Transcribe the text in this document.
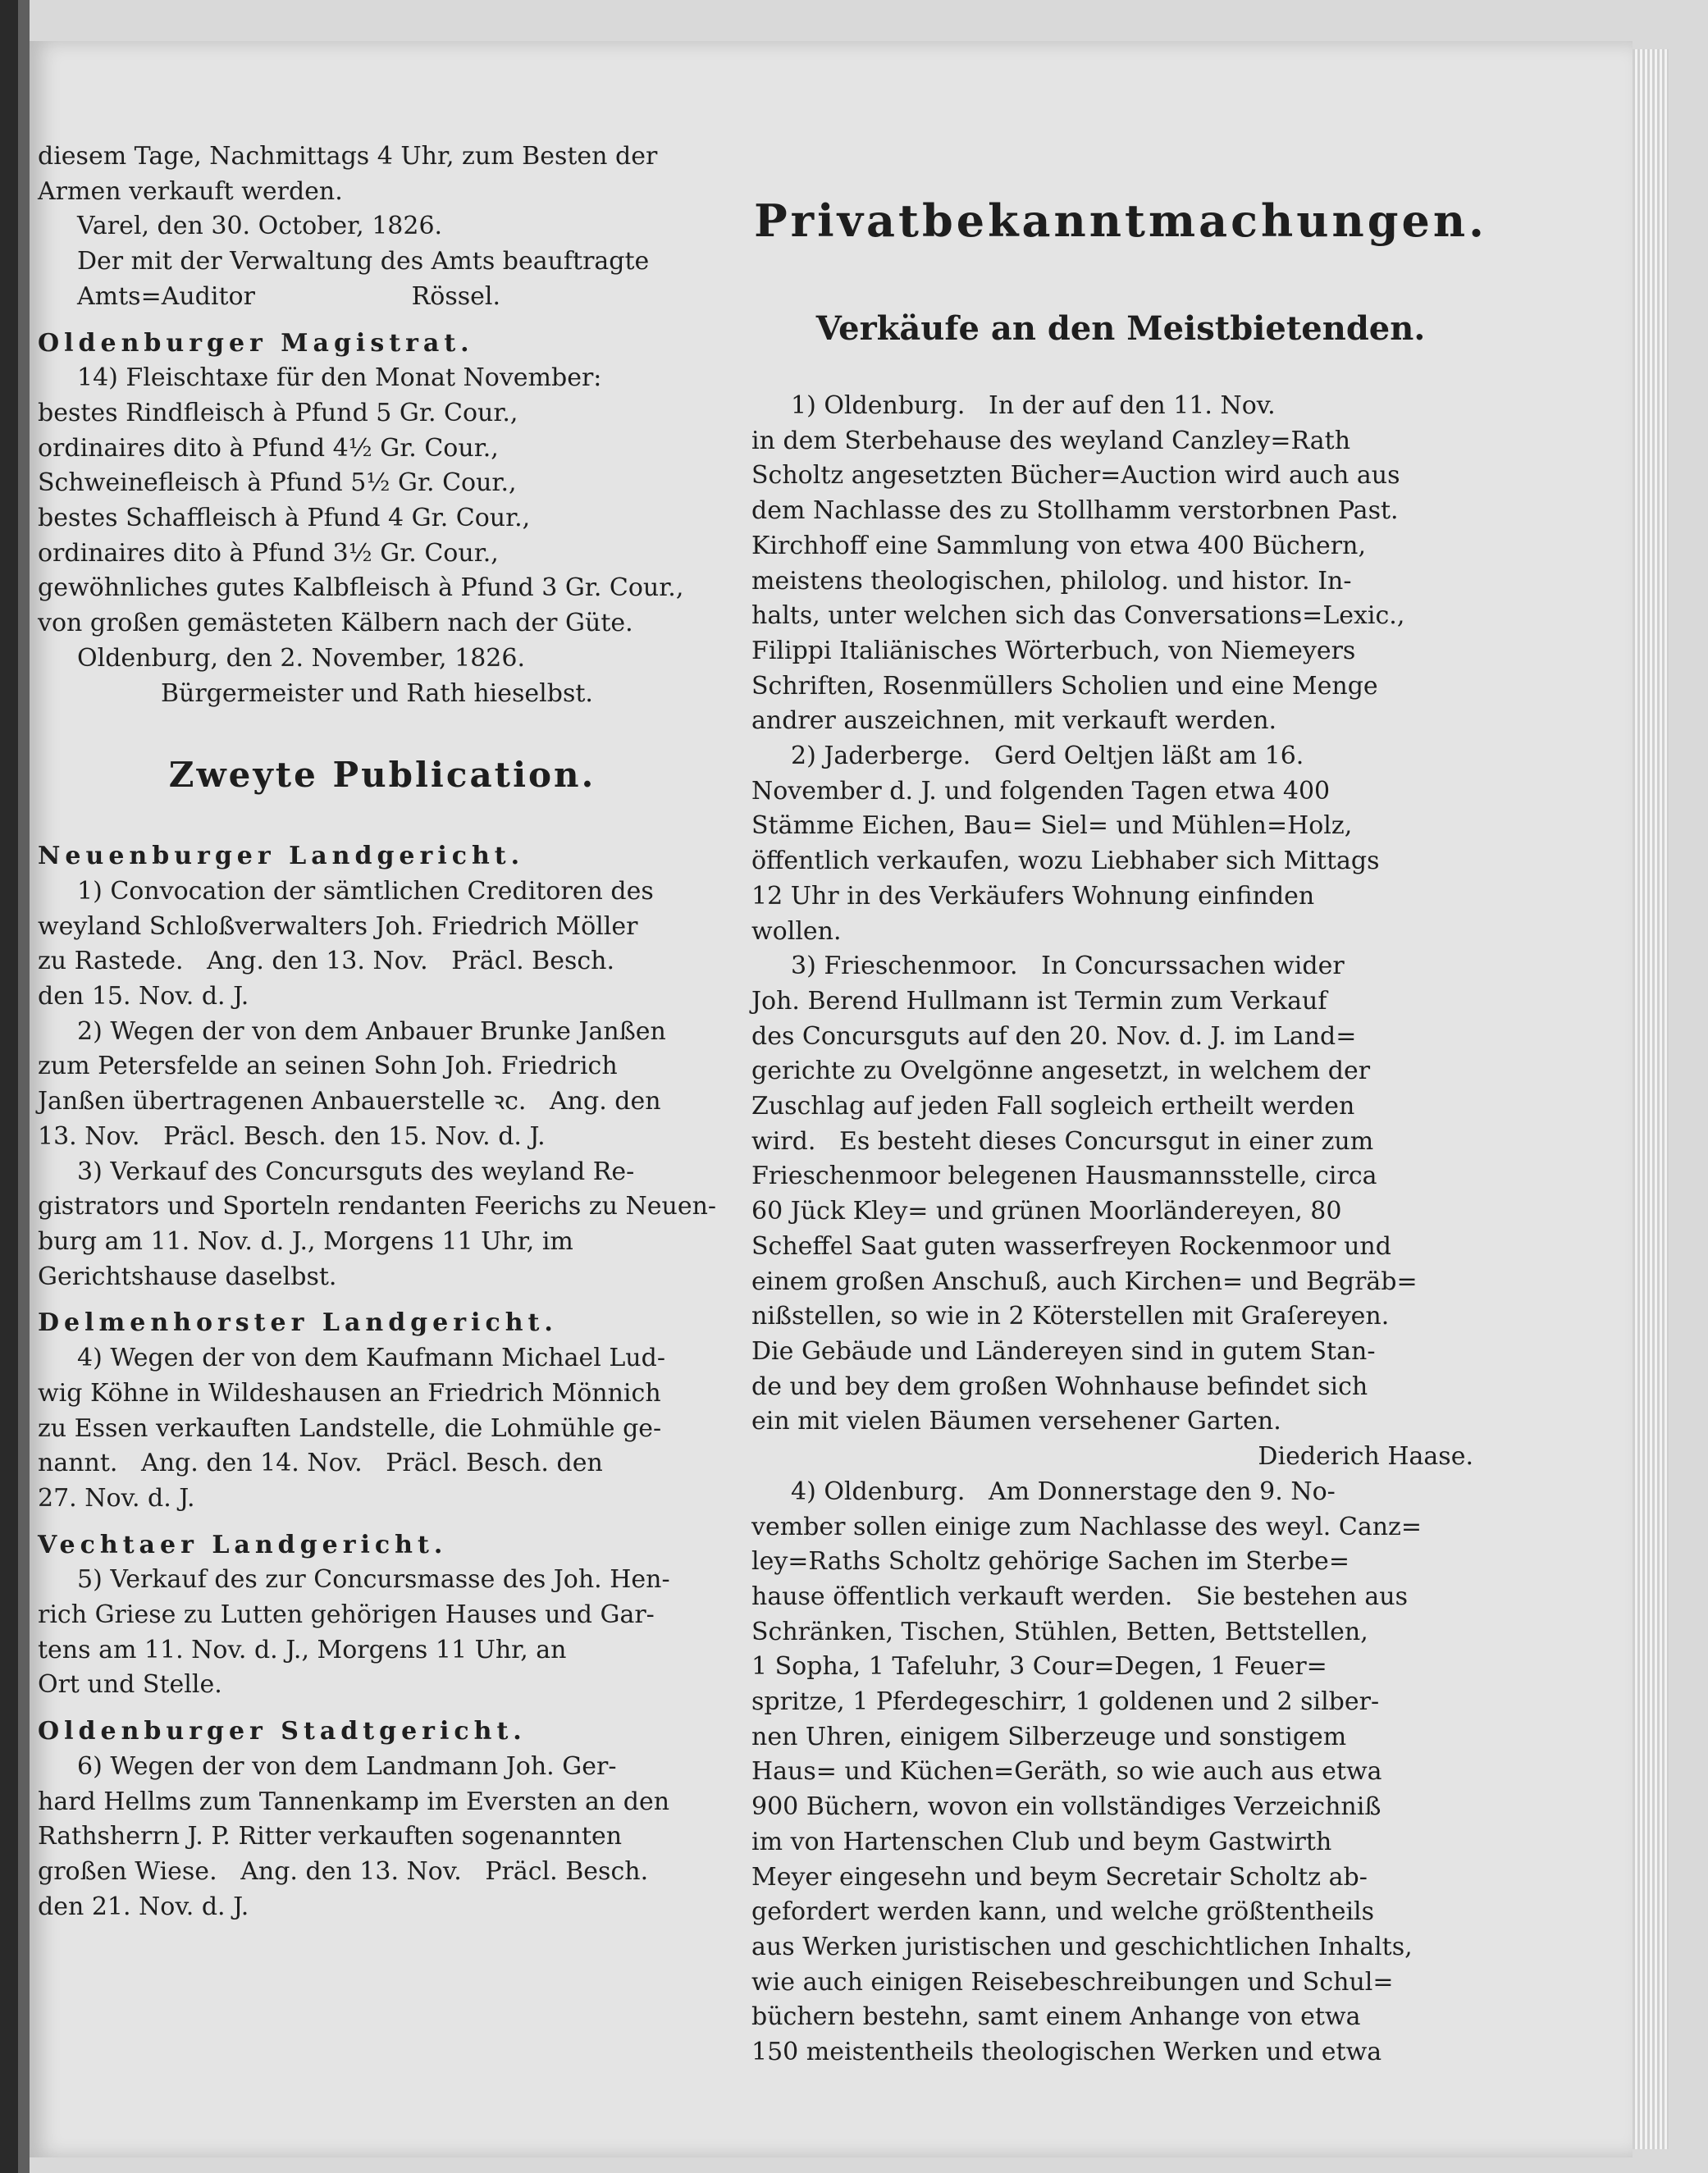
diesem Tage, Nachmittags 4 Uhr, zum Besten der

Armen verkauft werden.

Varel, den 30. October, 1826.

Der mit der Verwaltung des Amts beauftragte

Amts=Auditor                    Rössel.

Oldenburger Magistrat.

14) Fleischtaxe für den Monat November:

bestes Rindfleisch à Pfund 5 Gr. Cour.,

ordinaires dito à Pfund 4½ Gr. Cour.,

Schweinefleisch à Pfund 5½ Gr. Cour.,

bestes Schaffleisch à Pfund 4 Gr. Cour.,

ordinaires dito à Pfund 3½ Gr. Cour.,

gewöhnliches gutes Kalbfleisch à Pfund 3 Gr. Cour.,

von großen gemästeten Kälbern nach der Güte.

Oldenburg, den 2. November, 1826.

Bürgermeister und Rath hieselbst.

Zweyte Publication.

Neuenburger Landgericht.

1) Convocation der sämtlichen Creditoren des

weyland Schloßverwalters Joh. Friedrich Möller

zu Rastede.   Ang. den 13. Nov.   Präcl. Besch.

den 15. Nov. d. J.

2) Wegen der von dem Anbauer Brunke Janßen

zum Petersfelde an seinen Sohn Joh. Friedrich

Janßen übertragenen Anbauerstelle ꝛc.   Ang. den

13. Nov.   Präcl. Besch. den 15. Nov. d. J.

3) Verkauf des Concursguts des weyland Re-

gistrators und Sporteln rendanten Feerichs zu Neuen-

burg am 11. Nov. d. J., Morgens 11 Uhr, im

Gerichtshause daselbst.

Delmenhorster Landgericht.

4) Wegen der von dem Kaufmann Michael Lud-

wig Köhne in Wildeshausen an Friedrich Mönnich

zu Essen verkauften Landstelle, die Lohmühle ge-

nannt.   Ang. den 14. Nov.   Präcl. Besch. den

27. Nov. d. J.

Vechtaer Landgericht.

5) Verkauf des zur Concursmasse des Joh. Hen-

rich Griese zu Lutten gehörigen Hauses und Gar-

tens am 11. Nov. d. J., Morgens 11 Uhr, an

Ort und Stelle.

Oldenburger Stadtgericht.

6) Wegen der von dem Landmann Joh. Ger-

hard Hellms zum Tannenkamp im Eversten an den

Rathsherrn J. P. Ritter verkauften sogenannten

großen Wiese.   Ang. den 13. Nov.   Präcl. Besch.

den 21. Nov. d. J.

Privatbekanntmachungen.

Verkäufe an den Meistbietenden.

1) Oldenburg.   In der auf den 11. Nov.

in dem Sterbehause des weyland Canzley=Rath

Scholtz angesetzten Bücher=Auction wird auch aus

dem Nachlasse des zu Stollhamm verstorbnen Past.

Kirchhoff eine Sammlung von etwa 400 Büchern,

meistens theologischen, philolog. und histor. In-

halts, unter welchen sich das Conversations=Lexic.,

Filippi Italiänisches Wörterbuch, von Niemeyers

Schriften, Rosenmüllers Scholien und eine Menge

andrer auszeichnen, mit verkauft werden.

2) Jaderberge.   Gerd Oeltjen läßt am 16.

November d. J. und folgenden Tagen etwa 400

Stämme Eichen, Bau= Siel= und Mühlen=Holz,

öffentlich verkaufen, wozu Liebhaber sich Mittags

12 Uhr in des Verkäufers Wohnung einfinden

wollen.

3) Frieschenmoor.   In Concurssachen wider

Joh. Berend Hullmann ist Termin zum Verkauf

des Concursguts auf den 20. Nov. d. J. im Land=

gerichte zu Ovelgönne angesetzt, in welchem der

Zuschlag auf jeden Fall sogleich ertheilt werden

wird.   Es besteht dieses Concursgut in einer zum

Frieschenmoor belegenen Hausmannsstelle, circa

60 Jück Kley= und grünen Moorländereyen, 80

Scheffel Saat guten wasserfreyen Rockenmoor und

einem großen Anschuß, auch Kirchen= und Begräb=

nißstellen, so wie in 2 Köterstellen mit Graſereyen.

Die Gebäude und Ländereyen sind in gutem Stan-

de und bey dem großen Wohnhause befindet sich

ein mit vielen Bäumen versehener Garten.

Diederich Haase.

4) Oldenburg.   Am Donnerstage den 9. No-

vember sollen einige zum Nachlasse des weyl. Canz=

ley=Raths Scholtz gehörige Sachen im Sterbe=

hause öffentlich verkauft werden.   Sie bestehen aus

Schränken, Tischen, Stühlen, Betten, Bettstellen,

1 Sopha, 1 Tafeluhr, 3 Cour=Degen, 1 Feuer=

spritze, 1 Pferdegeschirr, 1 goldenen und 2 silber-

nen Uhren, einigem Silberzeuge und sonstigem

Haus= und Küchen=Geräth, so wie auch aus etwa

900 Büchern, wovon ein vollständiges Verzeichniß

im von Hartenschen Club und beym Gastwirth

Meyer eingesehn und beym Secretair Scholtz ab-

gefordert werden kann, und welche größtentheils

aus Werken juristischen und geschichtlichen Inhalts,

wie auch einigen Reisebeschreibungen und Schul=

büchern bestehn, samt einem Anhange von etwa

150 meistentheils theologischen Werken und etwa
